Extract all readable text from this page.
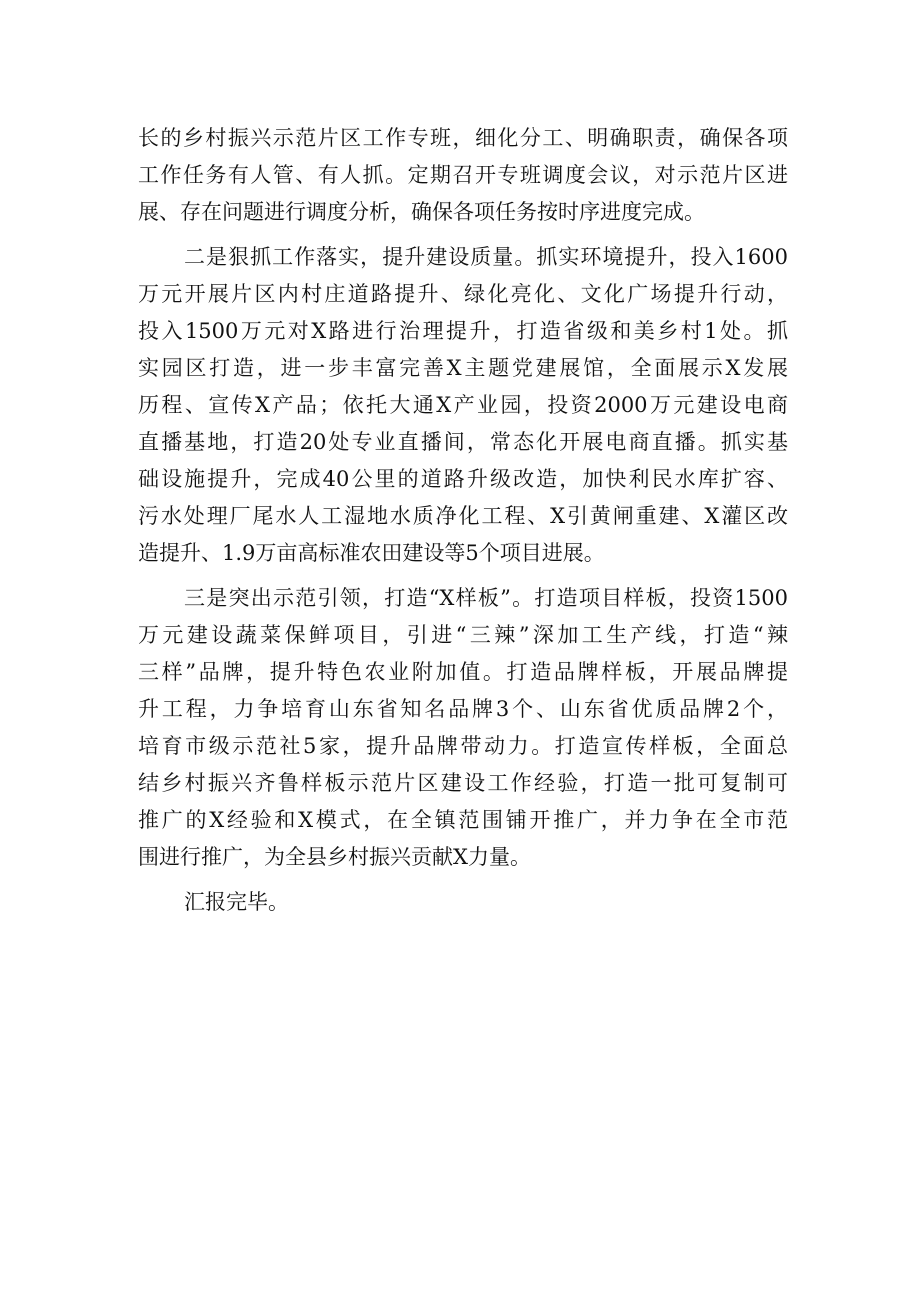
长的乡村振兴示范片区工作专班，细化分工、明确职责，确保各项
工作任务有人管、有人抓。定期召开专班调度会议，对示范片区进
展、存在问题进行调度分析，确保各项任务按时序进度完成。
二是狠抓工作落实，提升建设质量。抓实环境提升，投入1600
万元开展片区内村庄道路提升、绿化亮化、文化广场提升行动，
投入1500万元对X路进行治理提升，打造省级和美乡村1处。抓
实园区打造，进一步丰富完善X主题党建展馆，全面展示X发展
历程、宣传X产品；依托大通X产业园，投资2000万元建设电商
直播基地，打造20处专业直播间，常态化开展电商直播。抓实基
础设施提升，完成40公里的道路升级改造，加快利民水库扩容、
污水处理厂尾水人工湿地水质净化工程、X引黄闸重建、X灌区改
造提升、1.9万亩高标准农田建设等5个项目进展。
三是突出示范引领，打造“X样板”。打造项目样板，投资1500
万元建设蔬菜保鲜项目，引进“三辣”深加工生产线，打造“辣
三样”品牌，提升特色农业附加值。打造品牌样板，开展品牌提
升工程，力争培育山东省知名品牌3个、山东省优质品牌2个，
培育市级示范社5家，提升品牌带动力。打造宣传样板，全面总
结乡村振兴齐鲁样板示范片区建设工作经验，打造一批可复制可
推广的X经验和X模式，在全镇范围铺开推广，并力争在全市范
围进行推广，为全县乡村振兴贡献X力量。
汇报完毕。
